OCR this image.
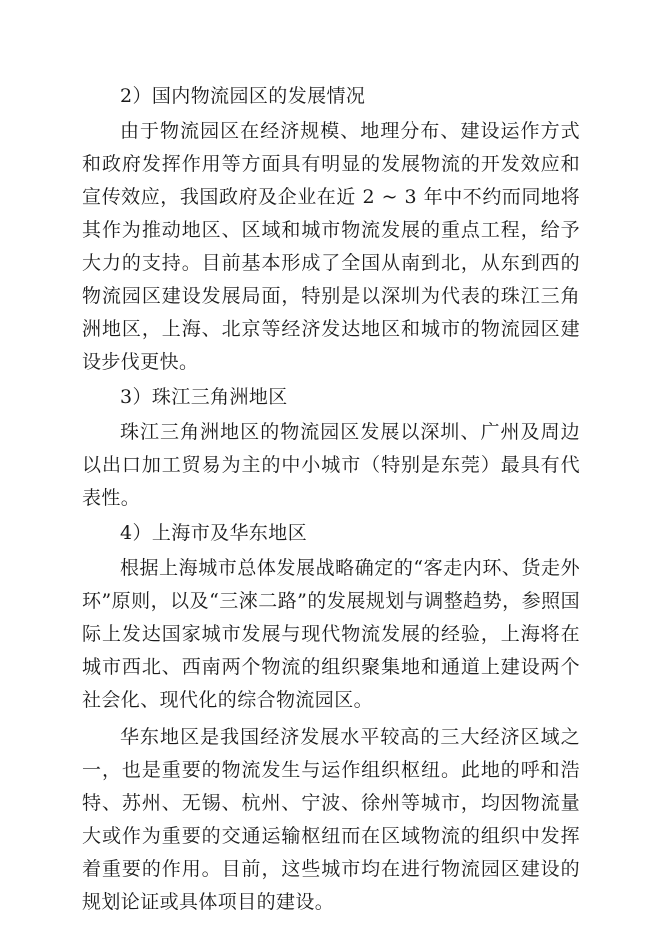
2）国内物流园区的发展情况

由于物流园区在经济规模、地理分布、建设运作方式和政府发挥作用等方面具有明显的发展物流的开发效应和宣传效应，我国政府及企业在近 2 ~ 3 年中不约而同地将其作为推动地区、区域和城市物流发展的重点工程，给予大力的支持。目前基本形成了全国从南到北，从东到西的物流园区建设发展局面，特别是以深圳为代表的珠江三角洲地区，上海、北京等经济发达地区和城市的物流园区建设步伐更快。

3）珠江三角洲地区

珠江三角洲地区的物流园区发展以深圳、广州及周边以出口加工贸易为主的中小城市（特别是东莞）最具有代表性。

4）上海市及华东地区

根据上海城市总体发展战略确定的“客走内环、货走外环”原则，以及“三淶二路”的发展规划与调整趋势，参照国际上发达国家城市发展与现代物流发展的经验，上海将在城市西北、西南两个物流的组织聚集地和通道上建设两个社会化、现代化的综合物流园区。

华东地区是我国经济发展水平较高的三大经济区域之一，也是重要的物流发生与运作组织枢纽。此地的呼和浩特、苏州、无锡、杭州、宁波、徐州等城市，均因物流量大或作为重要的交通运输枢纽而在区域物流的组织中发挥着重要的作用。目前，这些城市均在进行物流园区建设的规划论证或具体项目的建设。
